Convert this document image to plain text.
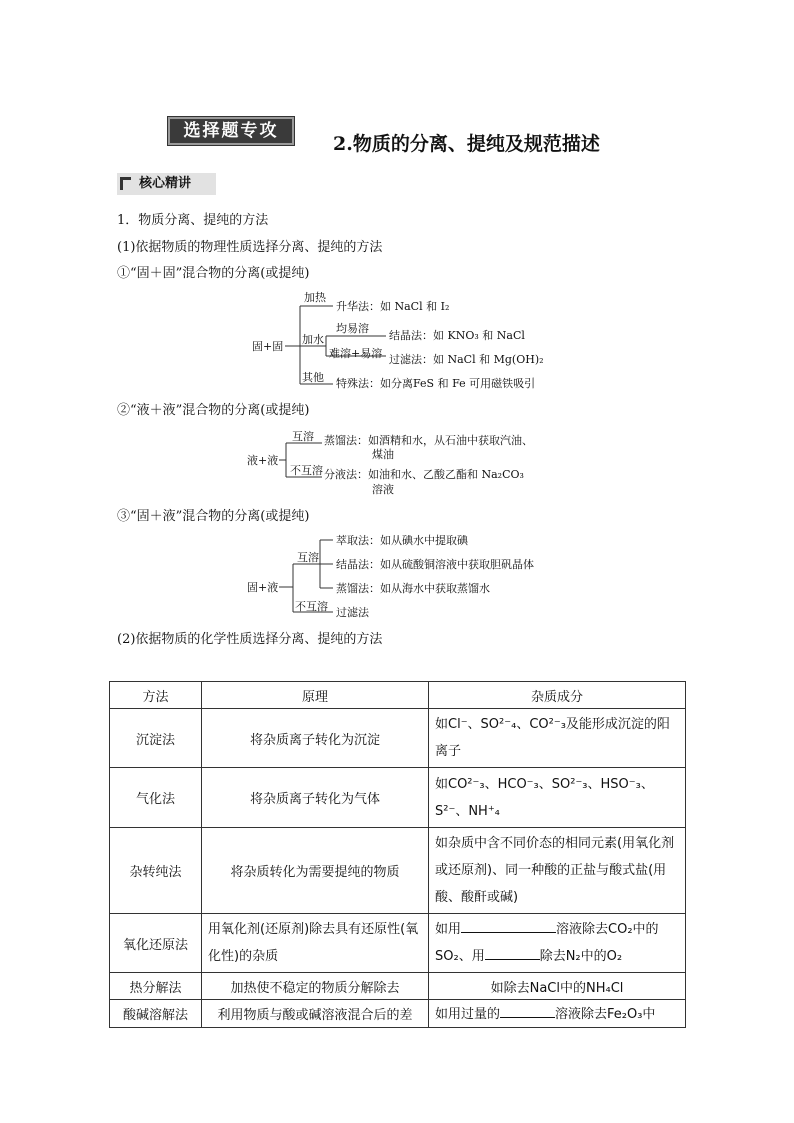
选择题专攻
2.物质的分离、提纯及规范描述
核心精讲
1．物质分离、提纯的方法
(1)依据物质的物理性质选择分离、提纯的方法
①“固＋固”混合物的分离(或提纯)
②“液＋液”混合物的分离(或提纯)
③“固＋液”混合物的分离(或提纯)
(2)依据物质的化学性质选择分离、提纯的方法
固+固
加热
升华法：如 NaCl 和 I₂
加水
均易溶
结晶法：如 KNO₃ 和 NaCl
难溶+易溶 过滤法：如 NaCl 和 Mg(OH)₂
其他 特殊法：如分离FeS 和 Fe 可用磁铁吸引
液+液
互溶 蒸馏法：如酒精和水，从石油中获取汽油、
煤油
不互溶 分液法：如油和水、乙酸乙酯和 Na₂CO₃
溶液
固+液
互溶
萃取法：如从碘水中提取碘
结晶法：如从硫酸铜溶液中获取胆矾晶体
蒸馏法：如从海水中获取蒸馏水
不互溶 过滤法
方法	原理	杂质成分
沉淀法	将杂质离子转化为沉淀	如Cl⁻、SO²⁻₄、CO²⁻₃及能形成沉淀的阳离子
气化法	将杂质离子转化为气体	如CO²⁻₃、HCO⁻₃、SO²⁻₃、HSO⁻₃、S²⁻、NH⁺₄
杂转纯法	将杂质转化为需要提纯的物质	如杂质中含不同价态的相同元素(用氧化剂或还原剂)、同一种酸的正盐与酸式盐(用酸、酸酐或碱)
氧化还原法	用氧化剂(还原剂)除去具有还原性(氧化性)的杂质	如用 溶液除去CO₂中的SO₂、用 除去N₂中的O₂
热分解法	加热使不稳定的物质分解除去	如除去NaCl中的NH₄Cl
酸碱溶解法	利用物质与酸或碱溶液混合后的差	如用过量的 溶液除去Fe₂O₃中
